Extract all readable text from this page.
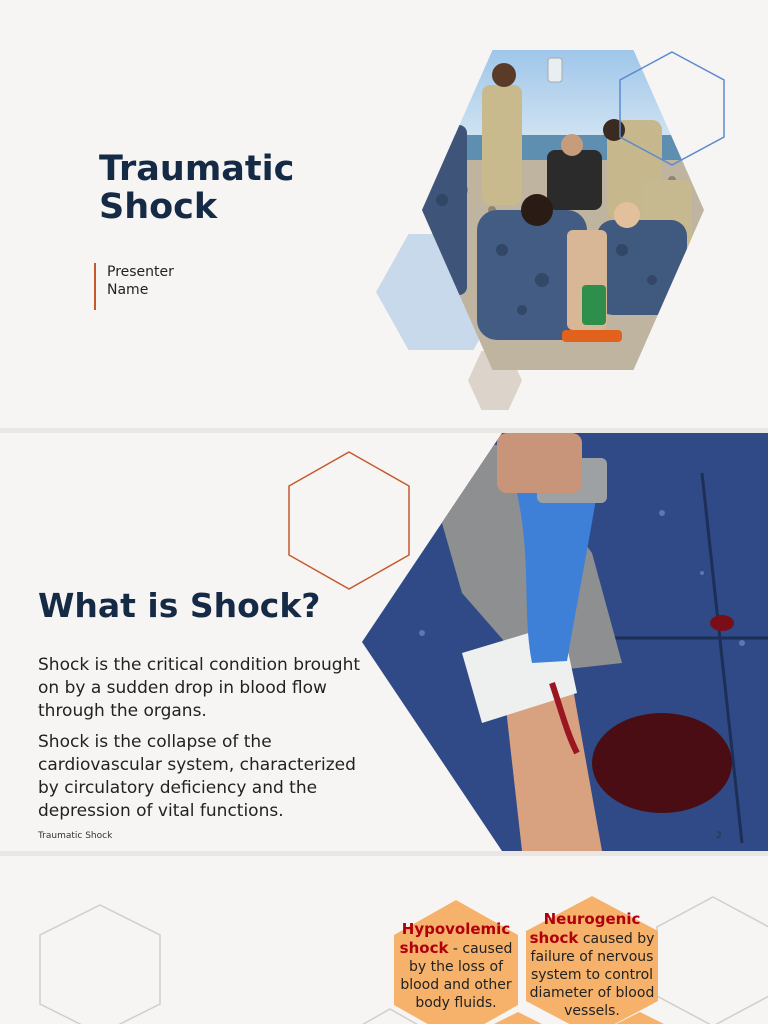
Traumatic Shock
Presenter Name
What is Shock?

Shock is the critical condition brought on by a sudden drop in blood flow through the organs.

Shock is the collapse of the cardiovascular system, characterized by circulatory deficiency and the depression of vital functions.

Traumatic Shock	2
Hypovolemic shock - caused by the loss of blood and other body fluids.
Neurogenic shock caused by failure of nervous system to control diameter of blood vessels.
